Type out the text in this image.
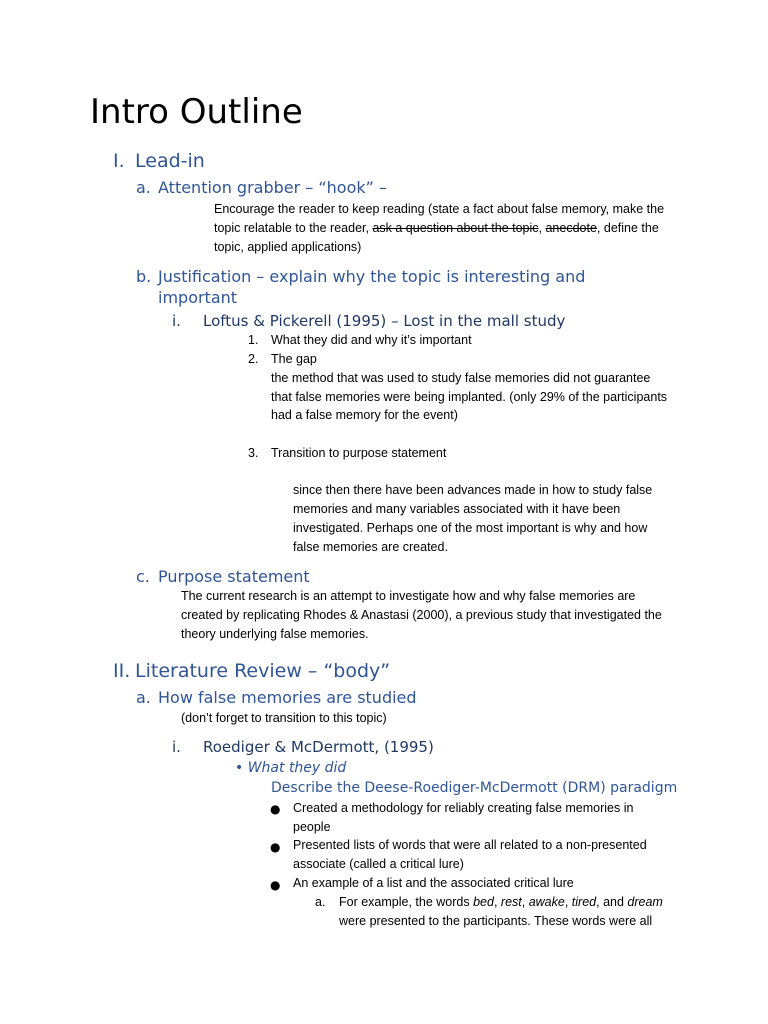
Intro Outline
I. Lead-in
a. Attention grabber – “hook” –
Encourage the reader to keep reading (state a fact about false memory, make the
topic relatable to the reader, ask a question about the topic, anecdote, define the
topic, applied applications)
b. Justification – explain why the topic is interesting and
important
i. Loftus & Pickerell (1995) – Lost in the mall study
1. What they did and why it’s important
2. The gap
the method that was used to study false memories did not guarantee
that false memories were being implanted. (only 29% of the participants
had a false memory for the event)
3. Transition to purpose statement
since then there have been advances made in how to study false
memories and many variables associated with it have been
investigated. Perhaps one of the most important is why and how
false memories are created.
c. Purpose statement
The current research is an attempt to investigate how and why false memories are
created by replicating Rhodes & Anastasi (2000), a previous study that investigated the
theory underlying false memories.
II. Literature Review – “body”
a. How false memories are studied
(don’t forget to transition to this topic)
i. Roediger & McDermott, (1995)
• What they did
Describe the Deese-Roediger-McDermott (DRM) paradigm
● Created a methodology for reliably creating false memories in
people
● Presented lists of words that were all related to a non-presented
associate (called a critical lure)
● An example of a list and the associated critical lure
a. For example, the words bed, rest, awake, tired, and dream
were presented to the participants. These words were all
